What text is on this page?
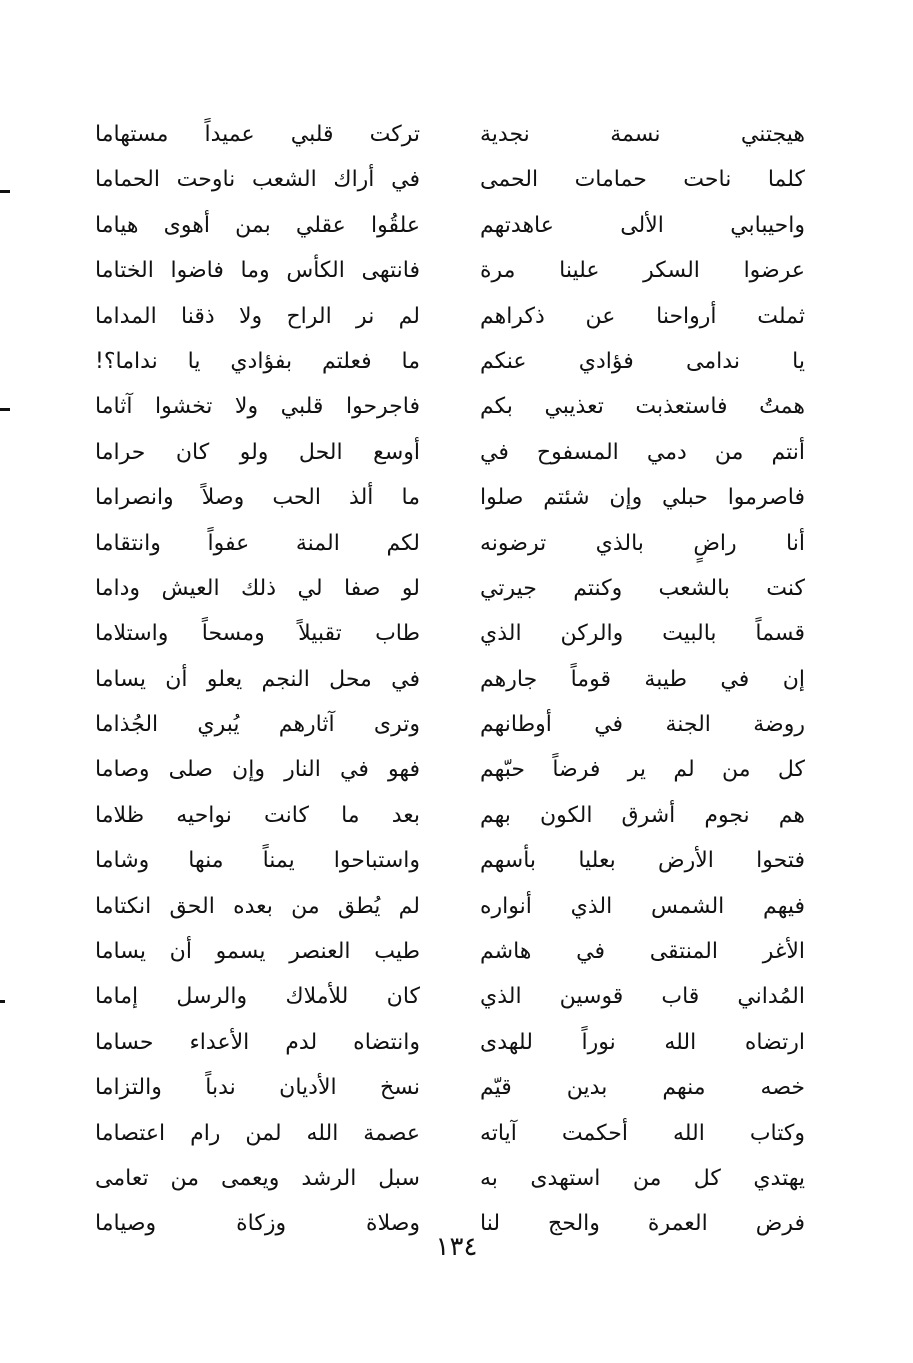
هيجتني نسمة نجدية
كلما ناحت حمامات الحمى
واحيبابي الألى عاهدتهم
عرضوا السكر علينا مرة
ثملت أرواحنا عن ذكراهم
يا ندامى فؤادي عنكم
همتُ فاستعذبت تعذيبي بكم
أنتم من دمي المسفوح في
فاصرموا حبلي وإن شئتم صلوا
أنا راضٍ بالذي ترضونه
كنت بالشعب وكنتم جيرتي
قسماً بالبيت والركن الذي
إن في طيبة قوماً جارهم
روضة الجنة في أوطانهم
كل من لم ير فرضاً حبّهم
هم نجوم أشرق الكون بهم
فتحوا الأرض بعليا بأسهم
فيهم الشمس الذي أنواره
الأغر المنتقى في هاشم
المُداني قاب قوسين الذي
ارتضاه الله نوراً للهدى
خصه منهم بدين قيّم
وكتاب الله أحكمت آياته
يهتدي كل من استهدى به
فرض العمرة والحج لنا
تركت قلبي عميداً مستهاما
في أراك الشعب ناوحت الحماما
علقُوا عقلي بمن أهوى هياما
فانتهى الكأس وما فاضوا الختاما
لم نر الراح ولا ذقنا المداما
ما فعلتم بفؤادي يا نداما؟!
فاجرحوا قلبي ولا تخشوا آثاما
أوسع الحل ولو كان حراما
ما ألذ الحب وصلاً وانصراما
لكم المنة عفواً وانتقاما
لو صفا لي ذلك العيش وداما
طاب تقبيلاً ومسحاً واستلاما
في محل النجم يعلو أن يساما
وترى آثارهم يُبري الجُذاما
فهو في النار وإن صلى وصاما
بعد ما كانت نواحيه ظلاما
واستباحوا يمناً منها وشاما
لم يُطق من بعده الحق انكتاما
طيب العنصر يسمو أن يساما
كان للأملاك والرسل إماما
وانتضاه لدم الأعداء حساما
نسخ الأديان ندباً والتزاما
عصمة الله لمن رام اعتصاما
سبل الرشد ويعمى من تعامى
وصلاة وزكاة وصياما
١٣٤
